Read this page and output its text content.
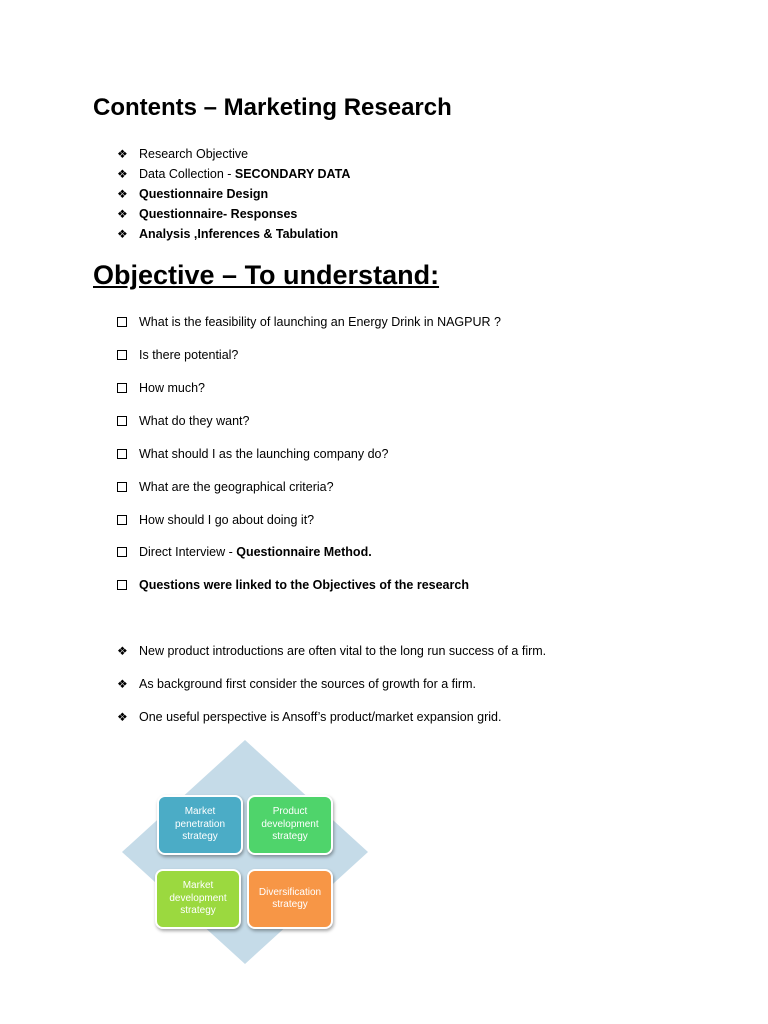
Contents – Marketing Research
❖ Research Objective
❖ Data Collection - SECONDARY DATA
❖ Questionnaire Design
❖ Questionnaire- Responses
❖ Analysis ,Inferences & Tabulation
Objective – To understand:
What is the feasibility of launching an Energy Drink in NAGPUR ?
Is there potential?
How much?
What do they want?
What should I as the launching company do?
What are the geographical criteria?
How should I go about doing it?
Direct Interview - Questionnaire Method.
Questions were linked to the Objectives of the research
❖ New product introductions are often vital to the long run success of a firm.
❖ As background first consider the sources of growth for a firm.
❖ One useful perspective is Ansoff’s product/market expansion grid.
Market penetration strategy
Product development strategy
Market development strategy
Diversification strategy
